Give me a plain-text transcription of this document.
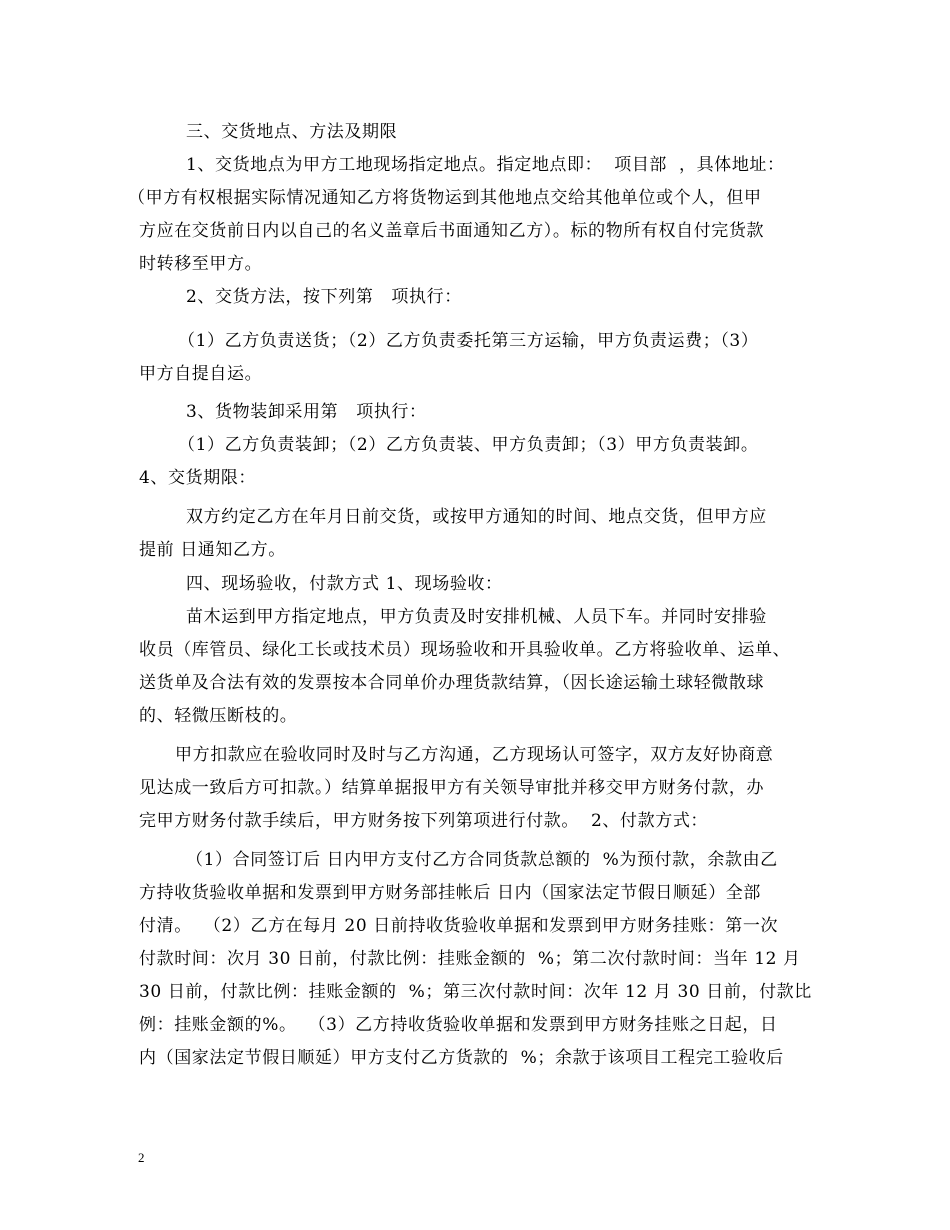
三、交货地点、方法及期限
1、交货地点为甲方工地现场指定地点。指定地点即：  项目部  ，具体地址：
（甲方有权根据实际情况通知乙方将货物运到其他地点交给其他单位或个人，但甲
方应在交货前日内以自己的名义盖章后书面通知乙方）。标的物所有权自付完货款
时转移至甲方。
2、交货方法，按下列第   项执行：
（1）乙方负责送货；（2）乙方负责委托第三方运输，甲方负责运费；（3）
甲方自提自运。
3、货物装卸采用第   项执行：
（1）乙方负责装卸；（2）乙方负责装、甲方负责卸；（3）甲方负责装卸。
4、交货期限：
双方约定乙方在年月日前交货，或按甲方通知的时间、地点交货，但甲方应
提前 日通知乙方。
四、现场验收，付款方式 1、现场验收：
苗木运到甲方指定地点，甲方负责及时安排机械、人员下车。并同时安排验
收员（库管员、绿化工长或技术员）现场验收和开具验收单。乙方将验收单、运单、
送货单及合法有效的发票按本合同单价办理货款结算，（因长途运输土球轻微散球
的、轻微压断枝的。
甲方扣款应在验收同时及时与乙方沟通，乙方现场认可签字，双方友好协商意
见达成一致后方可扣款。）结算单据报甲方有关领导审批并移交甲方财务付款，办
完甲方财务付款手续后，甲方财务按下列第项进行付款。  2、付款方式：
（1）合同签订后 日内甲方支付乙方合同货款总额的  %为预付款，余款由乙
方持收货验收单据和发票到甲方财务部挂帐后 日内（国家法定节假日顺延）全部
付清。  （2）乙方在每月 20 日前持收货验收单据和发票到甲方财务挂账：第一次
付款时间：次月 30 日前，付款比例：挂账金额的  %；第二次付款时间：当年 12 月
30 日前，付款比例：挂账金额的  %；第三次付款时间：次年 12 月 30 日前，付款比
例：挂账金额的%。  （3）乙方持收货验收单据和发票到甲方财务挂账之日起，日
内（国家法定节假日顺延）甲方支付乙方货款的  %；余款于该项目工程完工验收后
2
